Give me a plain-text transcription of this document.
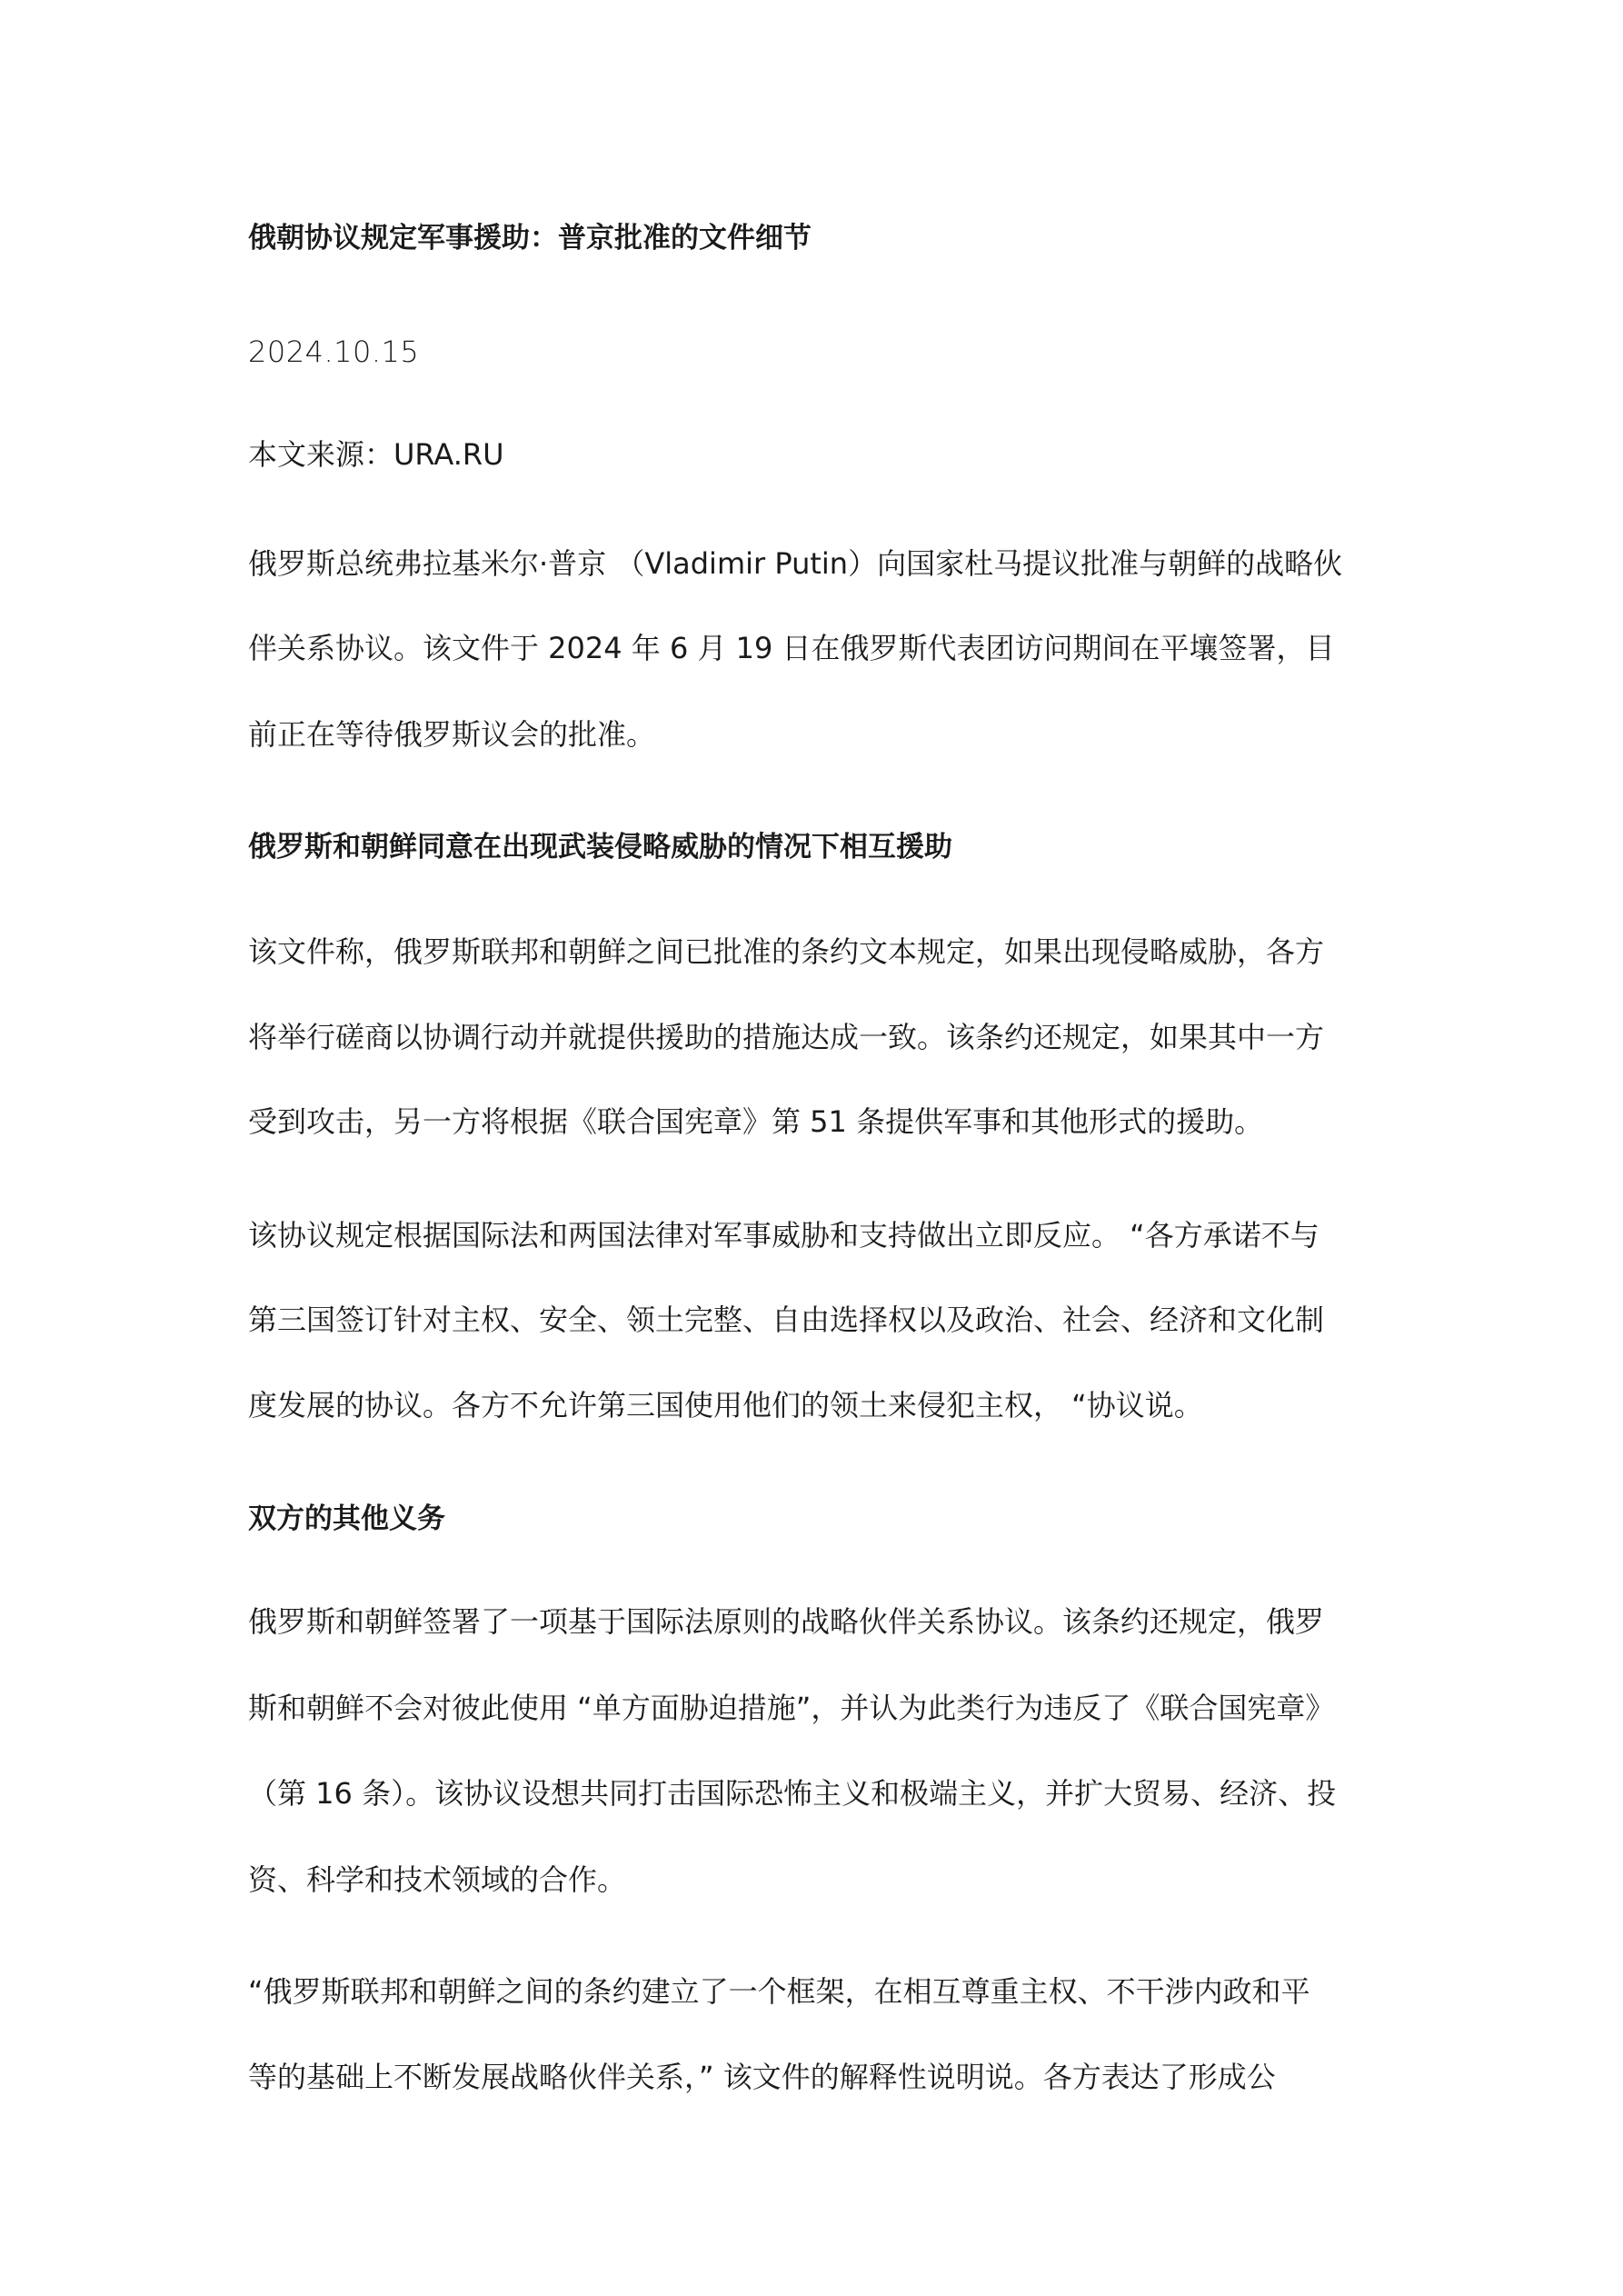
俄朝协议规定军事援助：普京批准的文件细节
2024.10.15
本文来源：URA.RU
俄罗斯总统弗拉基米尔·普京 （Vladimir Putin）向国家杜马提议批准与朝鲜的战略伙
伴关系协议。该文件于 2024 年 6 月 19 日在俄罗斯代表团访问期间在平壤签署，目
前正在等待俄罗斯议会的批准。
俄罗斯和朝鲜同意在出现武装侵略威胁的情况下相互援助
该文件称，俄罗斯联邦和朝鲜之间已批准的条约文本规定，如果出现侵略威胁，各方
将举行磋商以协调行动并就提供援助的措施达成一致。该条约还规定，如果其中一方
受到攻击，另一方将根据《联合国宪章》第 51 条提供军事和其他形式的援助。
该协议规定根据国际法和两国法律对军事威胁和支持做出立即反应。 “各方承诺不与
第三国签订针对主权、安全、领土完整、自由选择权以及政治、社会、经济和文化制
度发展的协议。各方不允许第三国使用他们的领土来侵犯主权， “协议说。
双方的其他义务
俄罗斯和朝鲜签署了一项基于国际法原则的战略伙伴关系协议。该条约还规定，俄罗
斯和朝鲜不会对彼此使用 “单方面胁迫措施”，并认为此类行为违反了《联合国宪章》
（第 16 条）。该协议设想共同打击国际恐怖主义和极端主义，并扩大贸易、经济、投
资、科学和技术领域的合作。
“俄罗斯联邦和朝鲜之间的条约建立了一个框架，在相互尊重主权、不干涉内政和平
等的基础上不断发展战略伙伴关系，” 该文件的解释性说明说。各方表达了形成公
